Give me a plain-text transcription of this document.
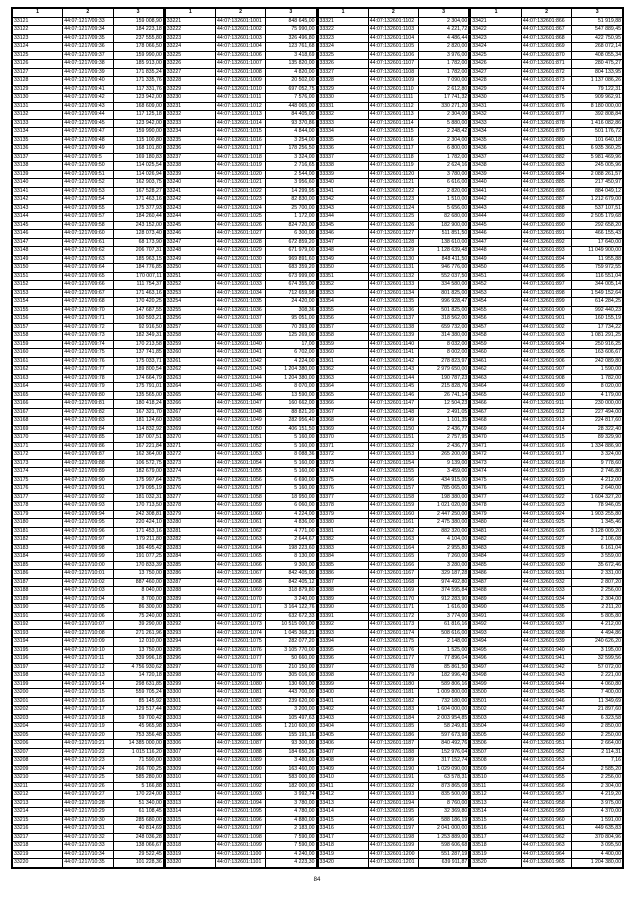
1	2	3
33121	44:07:1217/09:33	159 008,90
33122	44:07:1217/09:34	184 223,18
33123	44:07:1217/09:35	237 555,80
33124	44:07:1217/09:36	178 066,50
33125	44:07:1217/09:37	159 990,00
33126	44:07:1217/09:38	185 913,00
33127	44:07:1217/09:39	171 835,24
33128	44:07:1217/09:40	171 335,76
33129	44:07:1217/09:41	117 331,76
33130	44:07:1217/09:42	123 942,00
33131	44:07:1217/09:43	168 609,00
33132	44:07:1217/09:44	117 125,18
33133	44:07:1217/09:45	123 942,00
33134	44:07:1217/09:47	159 990,00
33135	44:07:1217/09:48	115 100,80
33136	44:07:1217/09:49	168 101,80
33137	44:07:1217/09:5	169 180,83
33138	44:07:1217/09:50	114 025,54
33139	44:07:1217/09:51	114 026,94
33140	44:07:1217/09:52	162 903,75
33141	44:07:1217/09:53	167 528,27
33142	44:07:1217/09:54	171 463,16
33143	44:07:1217/09:55	175 377,93
33144	44:07:1217/09:57	184 260,44
33145	44:07:1217/09:58	243 152,00
33146	44:07:1217/09:60	128 073,40
33147	44:07:1217/09:61	68 173,90
33148	44:07:1217/09:62	206 707,31
33149	44:07:1217/09:63	185 963,15
33150	44:07:1217/09:64	184 776,85
33151	44:07:1217/09:65	170 007,11
33152	44:07:1217/09:66	111 754,37
33153	44:07:1217/09:67	171 463,16
33154	44:07:1217/09:68	170 420,25
33155	44:07:1217/09:70	147 687,55
33156	44:07:1217/09:71	160 593,21
33157	44:07:1217/09:72	92 916,50
33158	44:07:1217/09:73	182 349,31
33159	44:07:1217/09:74	170 213,58
33160	44:07:1217/09:75	137 741,85
33161	44:07:1217/09:76	175 033,71
33162	44:07:1217/09:77	189 800,54
33163	44:07:1217/09:78	174 664,79
33164	44:07:1217/09:79	175 791,01
33165	44:07:1217/09:80	135 565,00
33166	44:07:1217/09:81	180 418,24
33167	44:07:1217/09:82	167 321,70
33168	44:07:1217/09:83	181 124,60
33169	44:07:1217/09:84	114 832,92
33170	44:07:1217/09:85	187 007,51
33171	44:07:1217/09:86	167 221,84
33172	44:07:1217/09:87	162 364,00
33173	44:07:1217/09:88	106 572,75
33174	44:07:1217/09:89	182 679,00
33175	44:07:1217/09:90	175 997,64
33176	44:07:1217/09:91	179 095,19
33177	44:07:1217/09:92	181 032,31
33178	44:07:1217/09:93	170 713,50
33179	44:07:1217/09:94	242 308,81
33180	44:07:1217/09:95	220 424,10
33181	44:07:1217/09:96	171 453,16
33182	44:07:1217/09:97	179 211,80
33183	44:07:1217/09:98	186 495,42
33184	44:07:1217/09:99	191 077,25
33185	44:07:1217/10:00	170 833,39
33186	44:07:1217/10:01	13 750,00
33187	44:07:1217/10:02	887 460,00
33188	44:07:1217/10:03	8 040,00
33189	44:07:1217/10:04	8 700,00
33190	44:07:1217/10:05	86 300,00
33191	44:07:1217/10:06	75 240,00
33192	44:07:1217/10:07	39 290,00
33193	44:07:1217/10:08	271 261,96
33194	44:07:1217/10:09	12 010,00
33195	44:07:1217/10:10	13 750,00
33196	44:07:1217/10:11	339 996,18
33197	44:07:1217/10:12	4 756 930,62
33198	44:07:1217/10:13	14 720,18
33199	44:07:1217/10:14	298 631,85
33200	44:07:1217/10:15	559 705,24
33201	44:07:1217/10:16	85 145,92
33202	44:07:1217/10:17	129 517,44
33203	44:07:1217/10:18	59 700,42
33204	44:07:1217/10:19	45 965,98
33205	44:07:1217/10:20	753 356,48
33206	44:07:1217/10:21	14 385 000,00
33207	44:07:1217/10:22	1 015 116,20
33208	44:07:1217/10:23	71 590,00
33209	44:07:1217/10:24	266 700,25
33210	44:07:1217/10:25	585 280,00
33211	44:07:1217/10:26	5 166,88
33212	44:07:1217/10:27	170 224,00
33213	44:07:1217/10:28	51 340,00
33214	44:07:1217/10:29	61 108,45
33215	44:07:1217/10:30	285 680,00
33216	44:07:1217/10:31	40 814,69
33217	44:07:1217/10:32	248 036,28
33218	44:07:1217/10:33	138 066,67
33219	44:07:1217/10:34	29 522,45
33220	44:07:1217/10:35	101 228,36
1	2	3
33221	44:07:132601:1001	848 645,00
33222	44:07:132601:1002	75 990,00
33223	44:07:132601:1003	326 496,80
33224	44:07:132601:1004	123 761,68
33225	44:07:132601:1006	3 418,69
33226	44:07:132601:1007	135 820,00
33227	44:07:132601:1008	4 820,00
33228	44:07:132601:1009	20 502,00
33229	44:07:132601:1010	697 052,75
33230	44:07:132601:1011	7 576,00
33231	44:07:132601:1012	448 065,00
33232	44:07:132601:1013	84 405,00
33233	44:07:132601:1014	93 370,86
33234	44:07:132601:1015	4 844,00
33235	44:07:132601:1016	3 254,00
33236	44:07:132601:1017	178 256,50
33237	44:07:132601:1018	3 324,00
33238	44:07:132601:1019	2 716,65
33239	44:07:132601:1020	2 544,00
33240	44:07:132601:1021	3 956,60
33241	44:07:132601:1022	14 299,95
33242	44:07:132601:1023	82 830,00
33243	44:07:132601:1024	25 700,00
33244	44:07:132601:1025	1 172,00
33245	44:07:132601:1026	824 720,00
33246	44:07:132601:1027	6 300,00
33247	44:07:132601:1028	672 859,20
33248	44:07:132601:1029	671 979,00
33249	44:07:132601:1030	969 891,60
33250	44:07:132601:1031	683 359,20
33251	44:07:132601:1032	673 999,00
33252	44:07:132601:1033	674 355,00
33253	44:07:132601:1034	712 659,98
33254	44:07:132601:1035	24 420,00
33255	44:07:132601:1036	308,36
33256	44:07:132601:1037	95 051,00
33257	44:07:132601:1038	70 393,00
33258	44:07:132601:1039	125 269,00
33259	44:07:132601:1040	17,00
33260	44:07:132601:1041	6 702,00
33261	44:07:132601:1042	4 224,00
33262	44:07:132601:1043	1 204 380,00
33263	44:07:132601:1044	1 204 380,00
33264	44:07:132601:1045	8 070,00
33265	44:07:132601:1046	13 590,00
33266	44:07:132601:1047	160 662,00
33267	44:07:132601:1048	88 821,20
33268	44:07:132601:1049	282 956,40
33269	44:07:132601:1050	406 151,50
33270	44:07:132601:1051	5 160,00
33271	44:07:132601:1052	5 160,00
33272	44:07:132601:1053	8 088,36
33273	44:07:132601:1054	5 160,00
33274	44:07:132601:1055	5 160,00
33275	44:07:132601:1056	6 690,00
33276	44:07:132601:1057	5 160,00
33277	44:07:132601:1058	18 950,00
33278	44:07:132601:1059	6 060,00
33279	44:07:132601:1060	4 224,00
33280	44:07:132601:1061	4 836,00
33281	44:07:132601:1062	4 771,00
33282	44:07:132601:1063	2 644,67
33283	44:07:132601:1064	198 223,60
33284	44:07:132601:1065	8 130,00
33285	44:07:132601:1066	9 300,00
33286	44:07:132601:1067	842 405,00
33287	44:07:132601:1068	842 405,12
33288	44:07:132601:1069	318 879,80
33289	44:07:132601:1070	3 240,00
33290	44:07:132601:1071	3 164 122,76
33291	44:07:132601:1072	632 672,33
33292	44:07:132601:1073	10 515 000,00
33293	44:07:132601:1074	1 045 368,21
33294	44:07:132601:1075	282 077,20
33295	44:07:132601:1076	3 105 770,00
33296	44:07:132601:1077	50 660,00
33297	44:07:132601:1078	210 150,00
33298	44:07:132601:1079	305 016,00
33299	44:07:132601:1080	130 600,00
33300	44:07:132601:1081	443 700,00
33301	44:07:132601:1082	239 620,00
33302	44:07:132601:1083	3 200,00
33303	44:07:132601:1084	105 497,63
33304	44:07:132601:1085	1 210 600,00
33305	44:07:132601:1086	155 191,16
33306	44:07:132601:1087	93 300,00
33307	44:07:132601:1088	184 650,26
33308	44:07:132601:1089	3 480,00
33309	44:07:132601:1090	163 460,00
33310	44:07:132601:1091	583 000,00
33311	44:07:132601:1092	182 000,00
33312	44:07:132601:1093	3 992,74
33313	44:07:132601:1094	3 780,00
33314	44:07:132601:1095	4 780,00
33315	44:07:132601:1096	4 880,00
33316	44:07:132601:1097	2 183,00
33317	44:07:132601:1098	7 590,00
33318	44:07:132601:1099	7 590,00
33319	44:07:132601:1100	4 240,00
33320	44:07:132601:1101	4 223,30
1	2	3
33321	44:07:132601:1102	2 304,00
33322	44:07:132601:1103	4 221,72
33323	44:07:132601:1104	4 486,44
33324	44:07:132601:1105	2 820,00
33325	44:07:132601:1106	3 976,00
33326	44:07:132601:1107	1 782,00
33327	44:07:132601:1108	1 782,00
33328	44:07:132601:1109	7 090,00
33329	44:07:132601:1110	2 612,80
33330	44:07:132601:1111	17 741,32
33331	44:07:132601:1112	330 271,20
33332	44:07:132601:1113	2 304,00
33333	44:07:132601:1114	5 880,00
33334	44:07:132601:1115	2 248,42
33335	44:07:132601:1116	2 304,00
33336	44:07:132601:1117	6 800,00
33337	44:07:132601:1118	1 782,00
33338	44:07:132601:1119	2 624,16
33339	44:07:132601:1120	3 780,00
33340	44:07:132601:1121	6 616,00
33341	44:07:132601:1122	2 820,00
33342	44:07:132601:1123	1 510,00
33343	44:07:132601:1124	5 656,00
33344	44:07:132601:1125	82 680,00
33345	44:07:132601:1126	182 900,00
33346	44:07:132601:1127	511 851,50
33347	44:07:132601:1128	138 610,00
33348	44:07:132601:1129	1 128 639,48
33349	44:07:132601:1130	848 411,50
33350	44:07:132601:1131	946 776,00
33351	44:07:132601:1132	552 037,50
33352	44:07:132601:1133	334 580,00
33353	44:07:132601:1134	801 825,00
33354	44:07:132601:1135	996 928,47
33355	44:07:132601:1136	501 825,00
33356	44:07:132601:1137	318 562,00
33357	44:07:132601:1138	659 732,00
33358	44:07:132601:1139	314 380,00
33359	44:07:132601:1140	8 032,00
33360	44:07:132601:1141	8 002,00
33361	44:07:132601:1142	278 823,97
33362	44:07:132601:1143	2 979 650,00
33363	44:07:132601:1144	190 787,23
33364	44:07:132601:1145	215 828,76
33365	44:07:132601:1146	26 741,14
33366	44:07:132601:1147	12 504,23
33367	44:07:132601:1148	2 491,05
33368	44:07:132601:1149	1 101,35
33369	44:07:132601:1150	2 436,77
33370	44:07:132601:1151	2 757,95
33371	44:07:132601:1152	2 436,77
33372	44:07:132601:1153	265 200,00
33373	44:07:132601:1154	9 139,00
33374	44:07:132601:1155	3 459,00
33375	44:07:132601:1156	434 915,00
33376	44:07:132601:1157	785 065,00
33377	44:07:132601:1158	198 380,00
33378	44:07:132601:1159	1 021 020,00
33379	44:07:132601:1160	2 447 250,00
33380	44:07:132601:1161	2 475 380,00
33381	44:07:132601:1162	882 320,00
33382	44:07:132601:1163	4 104,00
33383	44:07:132601:1164	2 955,80
33384	44:07:132601:1165	7 260,00
33385	44:07:132601:1166	3 280,00
33386	44:07:132601:1167	329 187,28
33387	44:07:132601:1168	974 492,80
33388	44:07:132601:1169	374 595,84
33389	44:07:132601:1170	912 283,90
33390	44:07:132601:1171	1 616,00
33391	44:07:132601:1172	3 774,00
33392	44:07:132601:1173	61 816,16
33393	44:07:132601:1174	508 616,00
33394	44:07:132601:1175	2 148,00
33395	44:07:132601:1176	1 525,00
33396	44:07:132601:1177	77 896,04
33397	44:07:132601:1178	85 861,50
33398	44:07:132601:1179	182 996,40
33399	44:07:132601:1180	589 806,16
33400	44:07:132601:1181	1 009 800,00
33401	44:07:132601:1182	732 180,00
33402	44:07:132601:1183	1 604 000,00
33403	44:07:132601:1184	2 003 954,85
33404	44:07:132601:1185	58 249,81
33405	44:07:132601:1186	597 673,98
33406	44:07:132601:1187	840 492,76
33407	44:07:132601:1188	152 976,04
33408	44:07:132601:1189	317 152,74
33409	44:07:132601:1190	1 029 090,00
33410	44:07:132601:1191	63 578,31
33411	44:07:132601:1192	873 865,08
33412	44:07:132601:1193	835 500,00
33413	44:07:132601:1194	8 760,00
33414	44:07:132601:1195	32 369,80
33415	44:07:132601:1196	588 186,19
33416	44:07:132601:1197	2 041 000,00
33417	44:07:132601:1198	1 253 889,00
33418	44:07:132601:1199	598 606,68
33419	44:07:132601:1200	551 287,19
33420	44:07:132601:1201	639 911,87
1	2	3
33421	44:07:132601:866	51 919,88
33422	44:07:132601:867	547 889,45
33423	44:07:132601:868	422 750,95
33424	44:07:132601:869	268 072,14
33425	44:07:132601:870	408 055,34
33426	44:07:132601:871	280 475,27
33427	44:07:132601:872	804 133,95
33428	44:07:132601:873	1 137 086,26
33429	44:07:132601:874	79 122,31
33430	44:07:132601:875	909 962,91
33431	44:07:132601:876	8 180 000,00
33432	44:07:132601:877	392 808,84
33433	44:07:132601:878	1 416 082,86
33434	44:07:132601:879	501 176,72
33435	44:07:132601:880	101 640,18
33436	44:07:132601:881	6 935 360,25
33437	44:07:132601:882	5 981 469,96
33438	44:07:132601:883	245 005,96
33439	44:07:132601:884	2 088 261,57
33440	44:07:132601:885	217 450,97
33441	44:07:132601:886	884 049,12
33442	44:07:132601:887	1 212 679,00
33443	44:07:132601:888	537 107,51
33444	44:07:132601:889	2 505 179,68
33445	44:07:132601:890	292 658,20
33446	44:07:132601:891	466 155,43
33447	44:07:132601:892	17 640,00
33448	44:07:132601:893	11 049 900,00
33449	44:07:132601:894	11 955,88
33450	44:07:132601:895	759 972,55
33451	44:07:132601:896	116 551,04
33452	44:07:132601:897	344 005,14
33453	44:07:132601:898	1 549 152,64
33454	44:07:132601:899	614 284,25
33455	44:07:132601:900	992 440,23
33456	44:07:132601:901	160 155,19
33457	44:07:132601:902	17 734,22
33458	44:07:132601:903	1 081 291,25
33459	44:07:132601:904	250 916,25
33460	44:07:132601:905	163 606,67
33461	44:07:132601:906	242 089,80
33462	44:07:132601:907	1 590,00
33463	44:07:132601:908	1 782,00
33464	44:07:132601:909	8 020,00
33465	44:07:132601:910	4 179,00
33466	44:07:132601:911	230 000,00
33467	44:07:132601:912	227 494,00
33468	44:07:132601:913	224 817,60
33469	44:07:132601:914	28 322,40
33470	44:07:132601:915	89 329,90
33471	44:07:132601:916	1 334 886,90
33472	44:07:132601:917	3 324,00
33473	44:07:132601:918	9 778,60
33474	44:07:132601:919	2 746,80
33475	44:07:132601:920	4 212,00
33476	44:07:132601:921	2 640,00
33477	44:07:132601:922	1 604 327,20
33478	44:07:132601:923	78 946,05
33479	44:07:132601:924	1 903 255,80
33480	44:07:132601:925	1 345,46
33481	44:07:132601:926	3 128 009,20
33482	44:07:132601:927	2 106,08
33483	44:07:132601:928	6 161,04
33484	44:07:132601:929	3 559,00
33485	44:07:132601:930	35 672,46
33486	44:07:132601:931	2 331,00
33487	44:07:132601:932	2 807,20
33488	44:07:132601:933	2 256,00
33489	44:07:132601:934	2 304,00
33490	44:07:132601:935	2 211,20
33491	44:07:132601:936	5 805,80
33492	44:07:132601:937	4 212,00
33493	44:07:132601:938	4 494,86
33494	44:07:132601:939	240 626,20
33495	44:07:132601:940	3 195,00
33496	44:07:132601:941	32 599,56
33497	44:07:132601:942	57 072,00
33498	44:07:132601:943	2 221,00
33499	44:07:132601:944	4 060,80
33500	44:07:132601:945	7 400,00
33501	44:07:132601:946	11 349,69
33502	44:07:132601:947	21 897,60
33503	44:07:132601:948	6 323,58
33504	44:07:132601:949	2 850,00
33505	44:07:132601:950	2 250,00
33506	44:07:132601:951	2 664,00
33507	44:07:132601:952	2 114,31
33508	44:07:132601:953	7,16
33509	44:07:132601:954	2 585,20
33510	44:07:132601:955	2 256,00
33511	44:07:132601:956	2 304,00
33512	44:07:132601:957	4 219,20
33513	44:07:132601:958	3 975,00
33514	44:07:132601:959	4 370,00
33515	44:07:132601:960	1 591,00
33516	44:07:132601:961	449 635,83
33517	44:07:132601:962	370 804,96
33518	44:07:132601:963	3 095,50
33519	44:07:132601:964	4 400,00
33520	44:07:132601:965	1 204 380,00
84
